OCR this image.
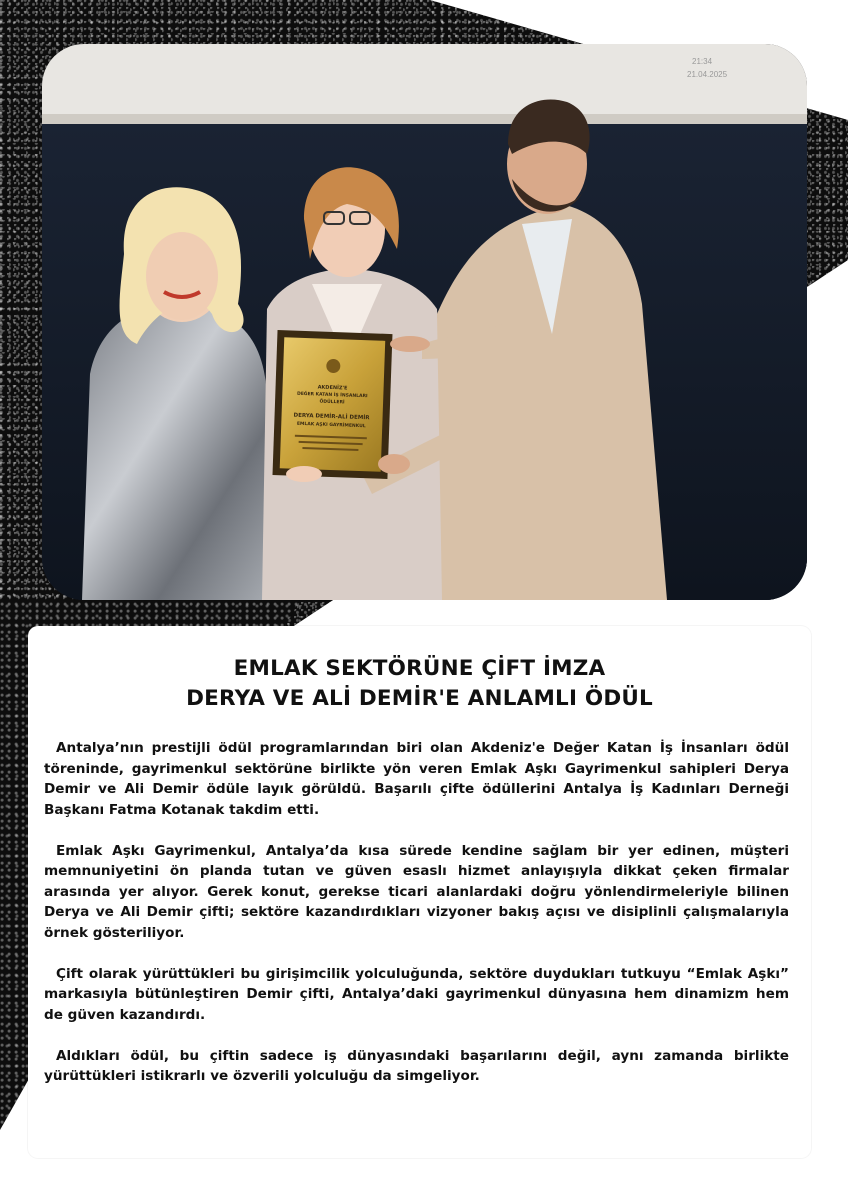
21:34
21.04.2025
AKDENİZ'E
DEĞER KATAN İŞ İNSANLARI
ÖDÜLLERİ
DERYA DEMİR-ALİ DEMİR
EMLAK AŞKI GAYRİMENKUL
EMLAK SEKTÖRÜNE ÇİFT İMZA
DERYA VE ALİ DEMİR'E ANLAMLI ÖDÜL

Antalya’nın prestijli ödül programlarından biri olan Akdeniz'e Değer Katan İş İnsanları ödül töreninde, gayrimenkul sektörüne birlikte yön veren Emlak Aşkı Gayrimenkul sahipleri Derya Demir ve Ali Demir ödüle layık görüldü. Başarılı çifte ödüllerini Antalya İş Kadınları Derneği Başkanı Fatma Kotanak takdim etti.

Emlak Aşkı Gayrimenkul, Antalya’da kısa sürede kendine sağlam bir yer edinen, müşteri memnuniyetini ön planda tutan ve güven esaslı hizmet anlayışıyla dikkat çeken firmalar arasında yer alıyor. Gerek konut, gerekse ticari alanlardaki doğru yönlendirmeleriyle bilinen Derya ve Ali Demir çifti; sektöre kazandırdıkları vizyoner bakış açısı ve disiplinli çalışmalarıyla örnek gösteriliyor.

Çift olarak yürüttükleri bu girişimcilik yolculuğunda, sektöre duydukları tutkuyu “Emlak Aşkı” markasıyla bütünleştiren Demir çifti, Antalya’daki gayrimenkul dünyasına hem dinamizm hem de güven kazandırdı.

Aldıkları ödül, bu çiftin sadece iş dünyasındaki başarılarını değil, aynı zamanda birlikte yürüttükleri istikrarlı ve özverili yolculuğu da simgeliyor.
